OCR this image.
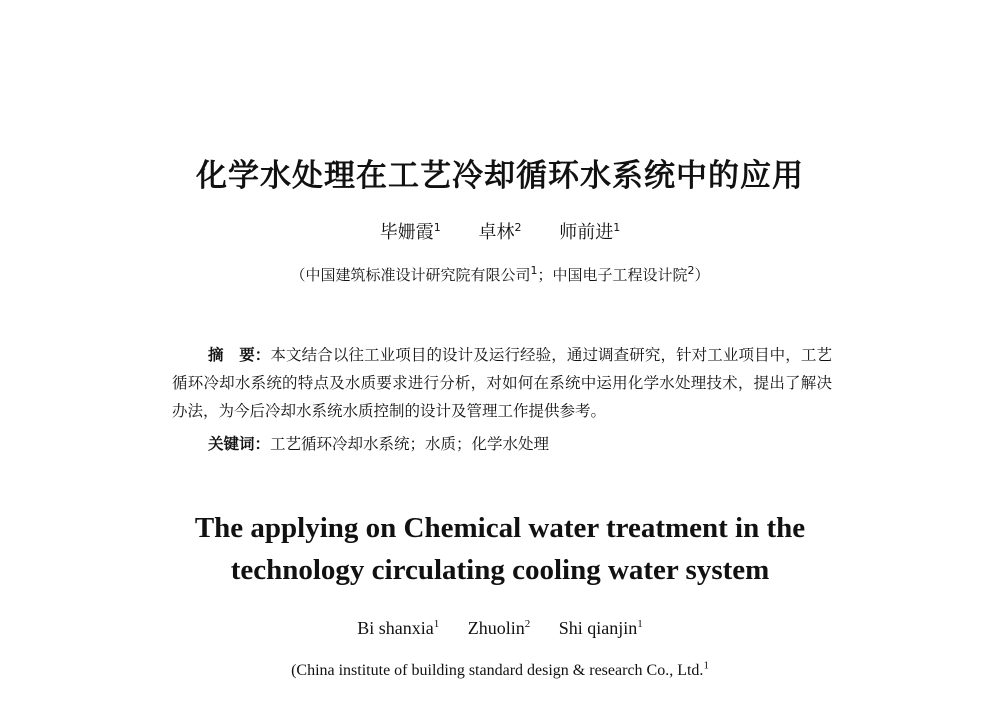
化学水处理在工艺冷却循环水系统中的应用
毕姗霞$^1$ 卓林$^2$ 师前进$^1$
（中国建筑标准设计研究院有限公司$^1$；中国电子工程设计院$^2$）
摘　要：本文结合以往工业项目的设计及运行经验，通过调查研究，针对工业项目中，工艺循环冷却水系统的特点及水质要求进行分析，对如何在系统中运用化学水处理技术，提出了解决办法，为今后冷却水系统水质控制的设计及管理工作提供参考。
关键词：工艺循环冷却水系统；水质；化学水处理
The applying on Chemical water treatment in the
technology circulating cooling water system
Bi shanxia$^1$ Zhuolin$^2$ Shi qianjin$^1$
(China institute of building standard design & research Co., Ltd.$^1$
